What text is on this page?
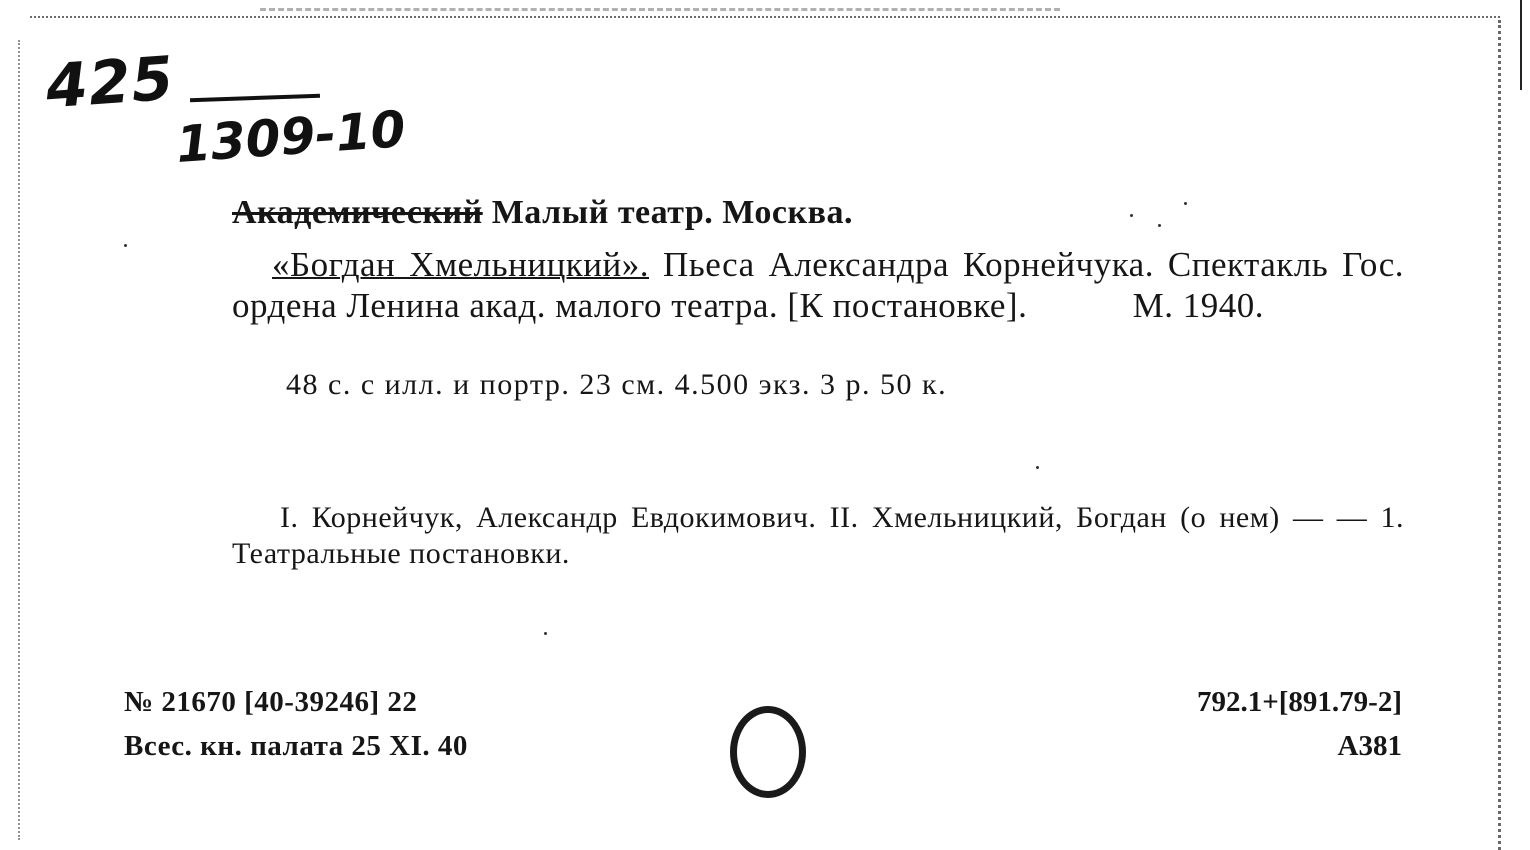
425
1309-10
Академический Малый театр. Москва.
«Богдан Хмельницкий». Пьеса Александра Корнейчука. Спектакль Гос. ордена Ленина акад. малого театра. [К постановке].	М. 1940.
48 с. с илл. и портр. 23 см. 4.500 экз. 3 р. 50 к.
I. Корнейчук, Александр Евдокимович. II. Хмельницкий, Богдан (о нем) — — 1. Театральные постановки.
№ 21670 [40-39246] 22
Всес. кн. палата 25 XI. 40
792.1+[891.79-2]
А381
